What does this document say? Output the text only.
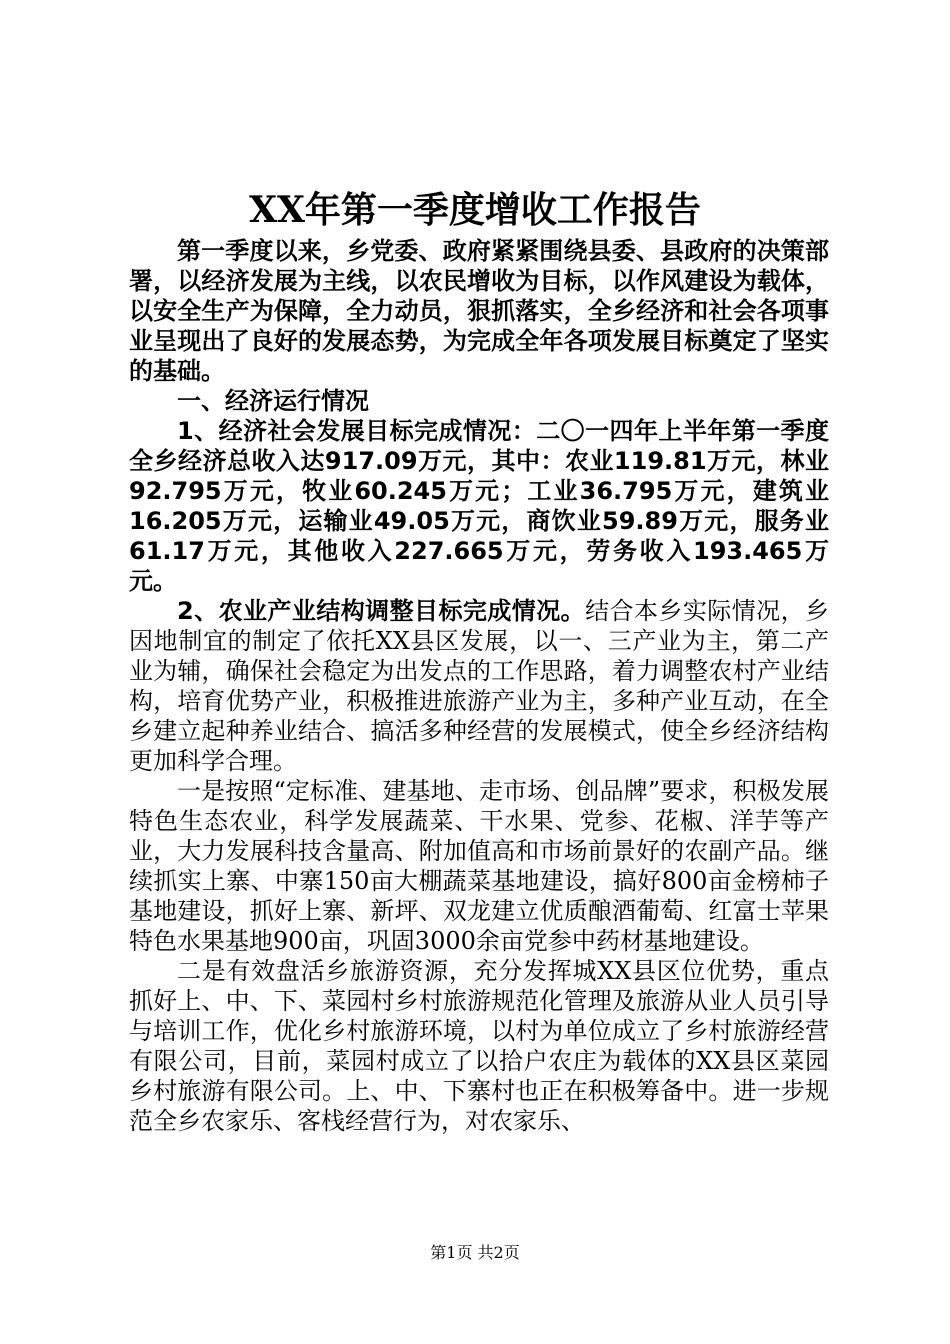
XX年第一季度增收工作报告

第一季度以来，乡党委、政府紧紧围绕县委、县政府的决策部署，以经济发展为主线，以农民增收为目标，以作风建设为载体，以安全生产为保障，全力动员，狠抓落实，全乡经济和社会各项事业呈现出了良好的发展态势，为完成全年各项发展目标奠定了坚实的基础。

一、经济运行情况

1、经济社会发展目标完成情况：二〇一四年上半年第一季度全乡经济总收入达917.09万元，其中：农业119.81万元，林业92.795万元，牧业60.245万元；工业36.795万元，建筑业16.205万元，运输业49.05万元，商饮业59.89万元，服务业61.17万元，其他收入227.665万元，劳务收入193.465万元。

2、农业产业结构调整目标完成情况。结合本乡实际情况，乡因地制宜的制定了依托XX县区发展，以一、三产业为主，第二产业为辅，确保社会稳定为出发点的工作思路，着力调整农村产业结构，培育优势产业，积极推进旅游产业为主，多种产业互动，在全乡建立起种养业结合、搞活多种经营的发展模式，使全乡经济结构更加科学合理。

一是按照“定标准、建基地、走市场、创品牌”要求，积极发展特色生态农业，科学发展蔬菜、干水果、党参、花椒、洋芋等产业，大力发展科技含量高、附加值高和市场前景好的农副产品。继续抓实上寨、中寨150亩大棚蔬菜基地建设，搞好800亩金榜柿子基地建设，抓好上寨、新坪、双龙建立优质酿酒葡萄、红富士苹果特色水果基地900亩，巩固3000余亩党参中药材基地建设。

二是有效盘活乡旅游资源，充分发挥城XX县区位优势，重点抓好上、中、下、菜园村乡村旅游规范化管理及旅游从业人员引导与培训工作，优化乡村旅游环境，以村为单位成立了乡村旅游经营有限公司，目前，菜园村成立了以拾户农庄为载体的XX县区菜园乡村旅游有限公司。上、中、下寨村也正在积极筹备中。进一步规范全乡农家乐、客栈经营行为，对农家乐、

第1页 共2页
